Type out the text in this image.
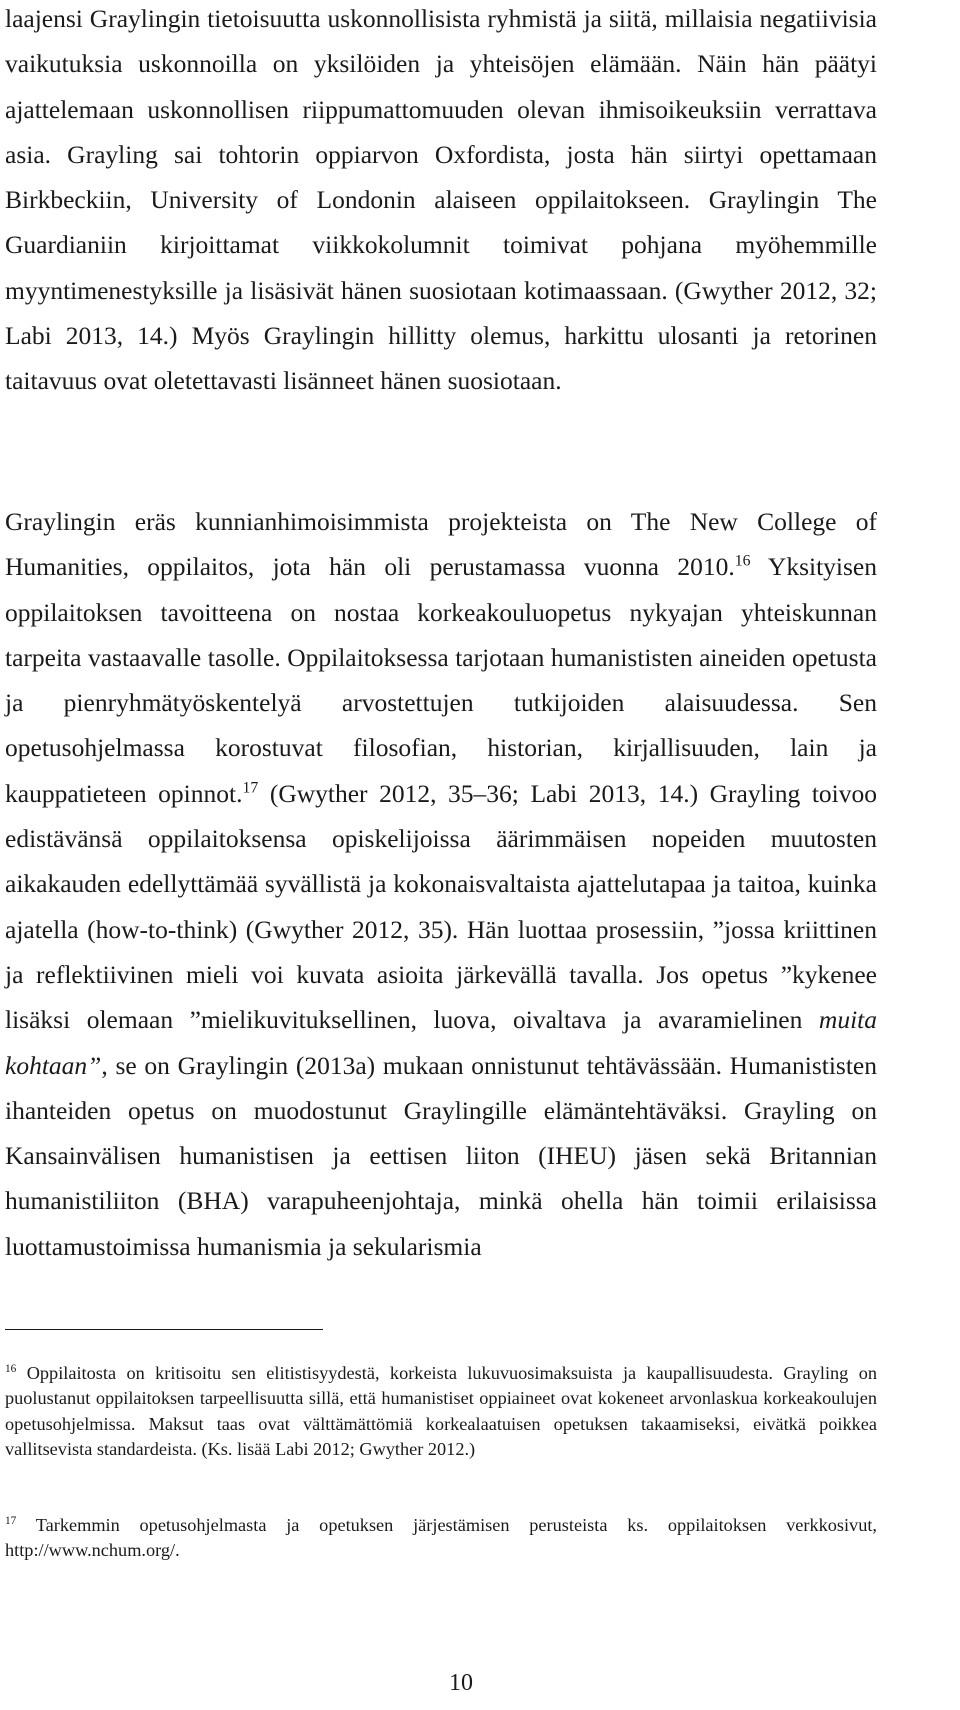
laajensi Graylingin tietoisuutta uskonnollisista ryhmistä ja siitä, millaisia negatiivisia vaikutuksia uskonnoilla on yksilöiden ja yhteisöjen elämään. Näin hän päätyi ajattelemaan uskonnollisen riippumattomuuden olevan ihmisoikeuksiin verrattava asia. Grayling sai tohtorin oppiarvon Oxfordista, josta hän siirtyi opettamaan Birkbeckiin, University of Londonin alaiseen oppilaitokseen. Graylingin The Guardianiin kirjoittamat viikkokolumnit toimivat pohjana myöhemmille myyntimenestyksille ja lisäsivät hänen suosiotaan kotimaassaan. (Gwyther 2012, 32; Labi 2013, 14.) Myös Graylingin hillitty olemus, harkittu ulosanti ja retorinen taitavuus ovat oletettavasti lisänneet hänen suosiotaan.

Graylingin eräs kunnianhimoisimmista projekteista on The New College of Humanities, oppilaitos, jota hän oli perustamassa vuonna 2010.16 Yksityisen oppilaitoksen tavoitteena on nostaa korkeakouluopetus nykyajan yhteiskunnan tarpeita vastaavalle tasolle. Oppilaitoksessa tarjotaan humanististen aineiden opetusta ja pienryhmätyöskentelyä arvostettujen tutkijoiden alaisuudessa. Sen opetusohjelmassa korostuvat filosofian, historian, kirjallisuuden, lain ja kauppatieteen opinnot.$^{17}$ (Gwyther 2012, 35–36; Labi 2013, 14.) Grayling toivoo edistävänsä oppilaitoksensa opiskelijoissa äärimmäisen nopeiden muutosten aikakauden edellyttämää syvällistä ja kokonaisvaltaista ajattelutapaa ja taitoa, kuinka ajatella (how-to-think) (Gwyther 2012, 35). Hän luottaa prosessiin, ”jossa kriittinen ja reflektiivinen mieli voi kuvata asioita järkevällä tavalla. Jos opetus ”kykenee lisäksi olemaan ”mielikuvituksellinen, luova, oivaltava ja avaramielinen muita kohtaan”, se on Graylingin (2013a) mukaan onnistunut tehtävässään. Humanististen ihanteiden opetus on muodostunut Graylingille elämäntehtäväksi. Grayling on Kansainvälisen humanistisen ja eettisen liiton (IHEU) jäsen sekä Britannian humanistiliiton (BHA) varapuheenjohtaja, minkä ohella hän toimii erilaisissa luottamustoimissa humanismia ja sekularismia

$^{16}$ Oppilaitosta on kritisoitu sen elitistisyydestä, korkeista lukuvuosimaksuista ja kaupallisuudesta. Grayling on puolustanut oppilaitoksen tarpeellisuutta sillä, että humanistiset oppiaineet ovat kokeneet arvonlaskua korkeakoulujen opetusohjelmissa. Maksut taas ovat välttämättömiä korkealaatuisen opetuksen takaamiseksi, eivätkä poikkea vallitsevista standardeista. (Ks. lisää Labi 2012; Gwyther 2012.)

$^{17}$ Tarkemmin opetusohjelmasta ja opetuksen järjestämisen perusteista ks. oppilaitoksen verkkosivut, http://www.nchum.org/.

10
